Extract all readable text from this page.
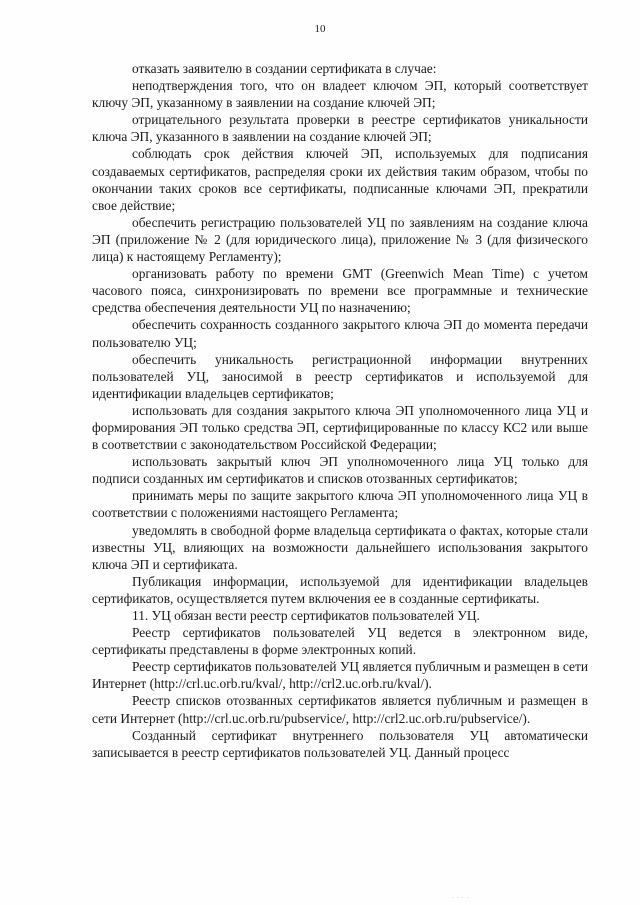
10

отказать заявителю в создании сертификата в случае:

неподтверждения того, что он владеет ключом ЭП, который соответствует ключу ЭП, указанному в заявлении на создание ключей ЭП;

отрицательного результата проверки в реестре сертификатов уникальности ключа ЭП, указанного в заявлении на создание ключей ЭП;

соблюдать срок действия ключей ЭП, используемых для подписания создаваемых сертификатов, распределяя сроки их действия таким образом, чтобы по окончании таких сроков все сертификаты, подписанные ключами ЭП, прекратили свое действие;

обеспечить регистрацию пользователей УЦ по заявлениям на создание ключа ЭП (приложение № 2 (для юридического лица), приложение № 3 (для физического лица) к настоящему Регламенту);

организовать работу по времени GMT (Greenwich Mean Time) с учетом часового пояса, синхронизировать по времени все программные и технические средства обеспечения деятельности УЦ по назначению;

обеспечить сохранность созданного закрытого ключа ЭП до момента передачи пользователю УЦ;

обеспечить уникальность регистрационной информации внутренних пользователей УЦ, заносимой в реестр сертификатов и используемой для идентификации владельцев сертификатов;

использовать для создания закрытого ключа ЭП уполномоченного лица УЦ и формирования ЭП только средства ЭП, сертифицированные по классу КС2 или выше в соответствии с законодательством Российской Федерации;

использовать закрытый ключ ЭП уполномоченного лица УЦ только для подписи созданных им сертификатов и списков отозванных сертификатов;

принимать меры по защите закрытого ключа ЭП уполномоченного лица УЦ в соответствии с положениями настоящего Регламента;

уведомлять в свободной форме владельца сертификата о фактах, которые стали известны УЦ, влияющих на возможности дальнейшего использования закрытого ключа ЭП и сертификата.

Публикация информации, используемой для идентификации владельцев сертификатов, осуществляется путем включения ее в созданные сертификаты.

11. УЦ обязан вести реестр сертификатов пользователей УЦ.

Реестр сертификатов пользователей УЦ ведется в электронном виде, сертификаты представлены в форме электронных копий.

Реестр сертификатов пользователей УЦ является публичным и размещен в сети Интернет (http://crl.uc.orb.ru/kval/, http://crl2.uc.orb.ru/kval/).

Реестр списков отозванных сертификатов является публичным и размещен в сети Интернет (http://crl.uc.orb.ru/pubservice/, http://crl2.uc.orb.ru/pubservice/).

Созданный сертификат внутреннего пользователя УЦ автоматически записывается в реестр сертификатов пользователей УЦ. Данный процесс

. . . .
